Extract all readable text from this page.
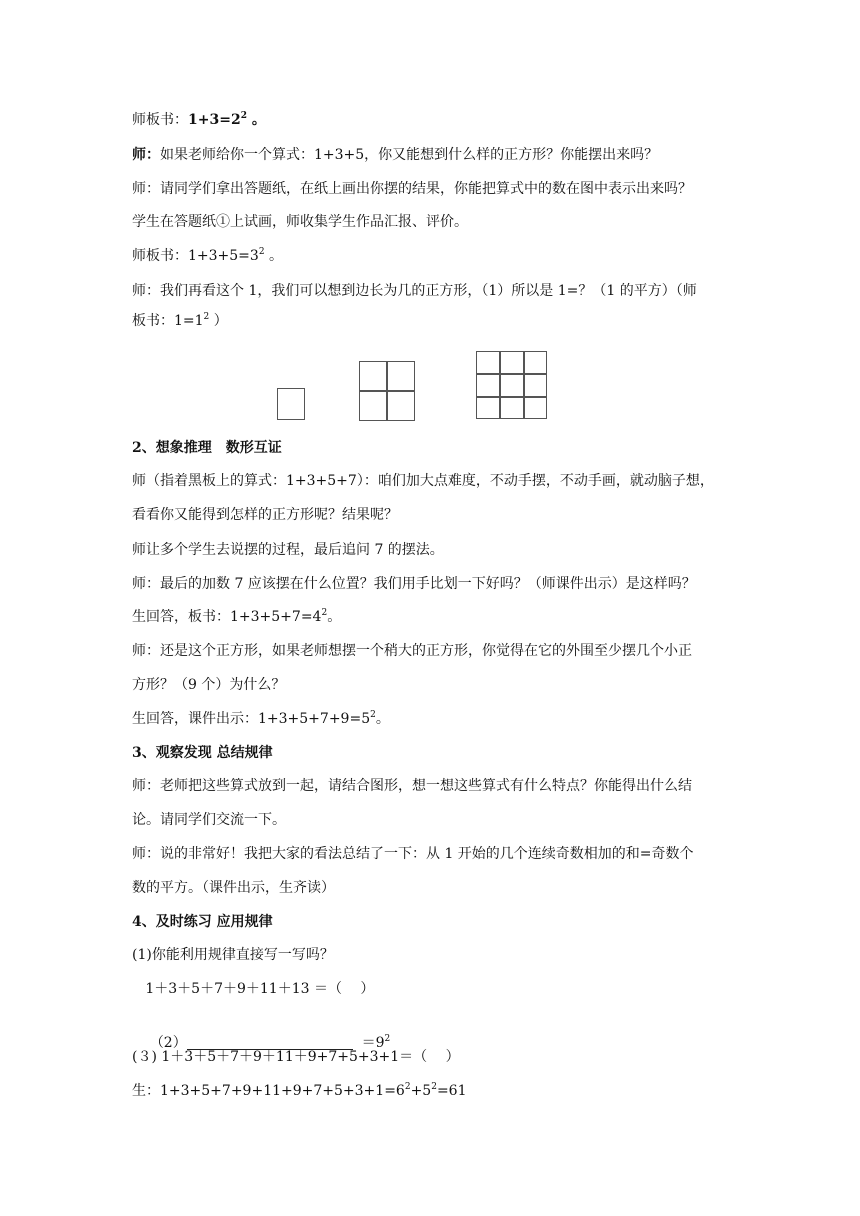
师板书：$1+3=2^2$ 。
师：如果老师给你一个算式：1+3+5，你又能想到什么样的正方形？你能摆出来吗？
师：请同学们拿出答题纸，在纸上画出你摆的结果，你能把算式中的数在图中表示出来吗？
学生在答题纸①上试画，师收集学生作品汇报、评价。
师板书：$1+3+5=3^2$ 。
师：我们再看这个 1，我们可以想到边长为几的正方形，（1）所以是 1=？（1 的平方）（师
板书：$1=1^2$ ）
2、想象推理　数形互证
师（指着黑板上的算式：1+3+5+7）：咱们加大点难度，不动手摆，不动手画，就动脑子想，
看看你又能得到怎样的正方形呢？结果呢？
师让多个学生去说摆的过程，最后追问 7 的摆法。
师：最后的加数 7 应该摆在什么位置？我们用手比划一下好吗？（师课件出示）是这样吗？
生回答，板书：$1+3+5+7=4^2$。
师：还是这个正方形，如果老师想摆一个稍大的正方形，你觉得在它的外围至少摆几个小正
方形？（9 个）为什么？
生回答，课件出示：$1+3+5+7+9=5^2$。
3、观察发现 总结规律
师：老师把这些算式放到一起，请结合图形，想一想这些算式有什么特点？你能得出什么结
论。请同学们交流一下。
师：说的非常好！我把大家的看法总结了一下：从 1 开始的几个连续奇数相加的和=奇数个
数的平方。（课件出示，生齐读）
4、及时练习 应用规律
(1)你能利用规律直接写一写吗？
1＋3＋5＋7＋9＋11＋13 ＝（　 ）

（2）	$=9^2$

(３) 1＋3＋5＋7＋9＋11＋9+7+5+3+1＝（　 ）
生：$1+3+5+7+9+11+9+7+5+3+1=6^2+5^2=61$
